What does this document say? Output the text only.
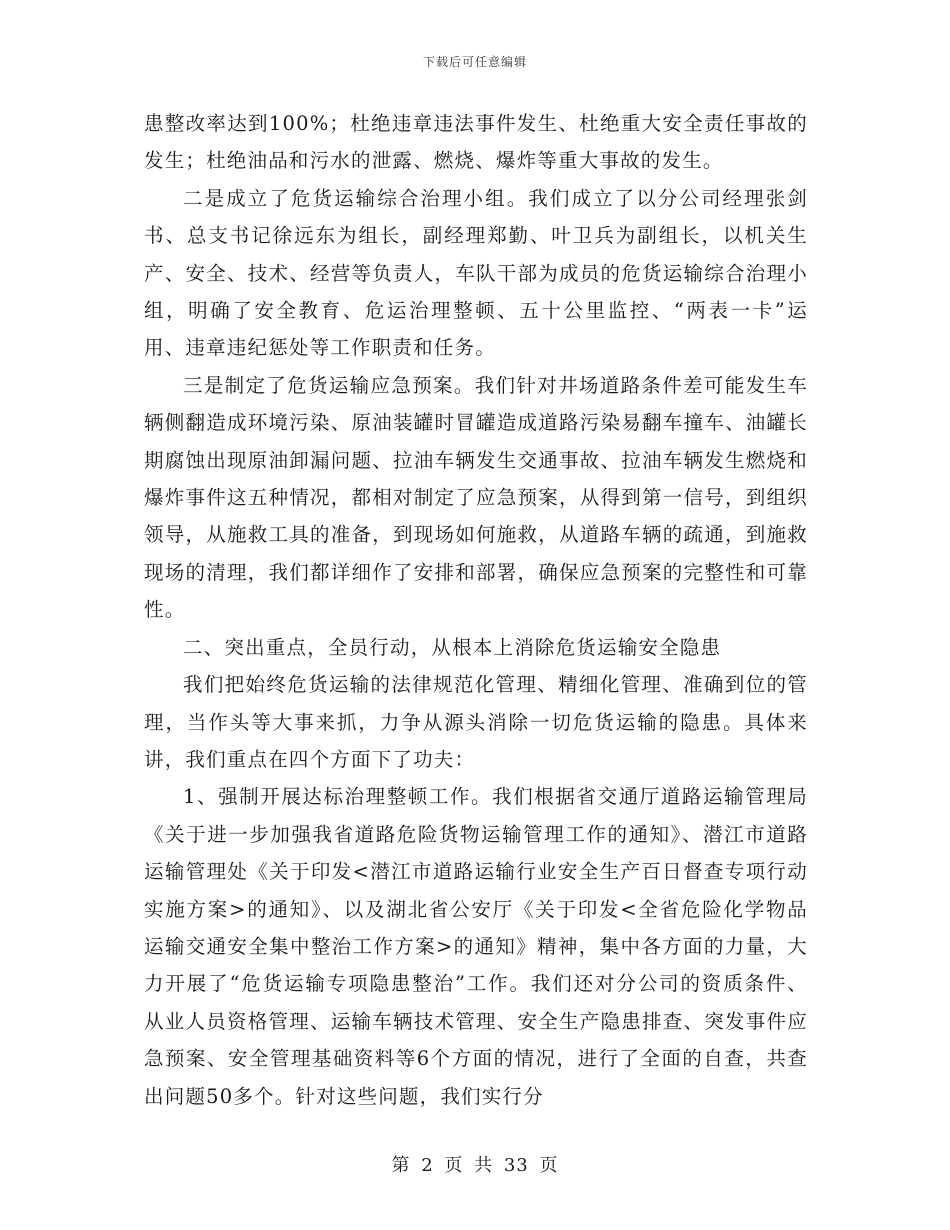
下载后可任意编辑

患整改率达到100%；杜绝违章违法事件发生、杜绝重大安全责任事故的发生；杜绝油品和污水的泄露、燃烧、爆炸等重大事故的发生。

二是成立了危货运输综合治理小组。我们成立了以分公司经理张剑书、总支书记徐远东为组长，副经理郑勤、叶卫兵为副组长，以机关生产、安全、技术、经营等负责人，车队干部为成员的危货运输综合治理小组，明确了安全教育、危运治理整顿、五十公里监控、“两表一卡”运用、违章违纪惩处等工作职责和任务。

三是制定了危货运输应急预案。我们针对井场道路条件差可能发生车辆侧翻造成环境污染、原油装罐时冒罐造成道路污染易翻车撞车、油罐长期腐蚀出现原油卸漏问题、拉油车辆发生交通事故、拉油车辆发生燃烧和爆炸事件这五种情况，都相对制定了应急预案，从得到第一信号，到组织领导，从施救工具的准备，到现场如何施救，从道路车辆的疏通，到施救现场的清理，我们都详细作了安排和部署，确保应急预案的完整性和可靠性。

二、突出重点，全员行动，从根本上消除危货运输安全隐患

我们把始终危货运输的法律规范化管理、精细化管理、准确到位的管理，当作头等大事来抓，力争从源头消除一切危货运输的隐患。具体来讲，我们重点在四个方面下了功夫：

1、强制开展达标治理整顿工作。我们根据省交通厅道路运输管理局《关于进一步加强我省道路危险货物运输管理工作的通知》、潜江市道路运输管理处《关于印发<潜江市道路运输行业安全生产百日督查专项行动实施方案>的通知》、以及湖北省公安厅《关于印发<全省危险化学物品运输交通安全集中整治工作方案>的通知》精神，集中各方面的力量，大力开展了“危货运输专项隐患整治”工作。我们还对分公司的资质条件、从业人员资格管理、运输车辆技术管理、安全生产隐患排查、突发事件应急预案、安全管理基础资料等6个方面的情况，进行了全面的自查，共查出问题50多个。针对这些问题，我们实行分

第 2 页 共 33 页
